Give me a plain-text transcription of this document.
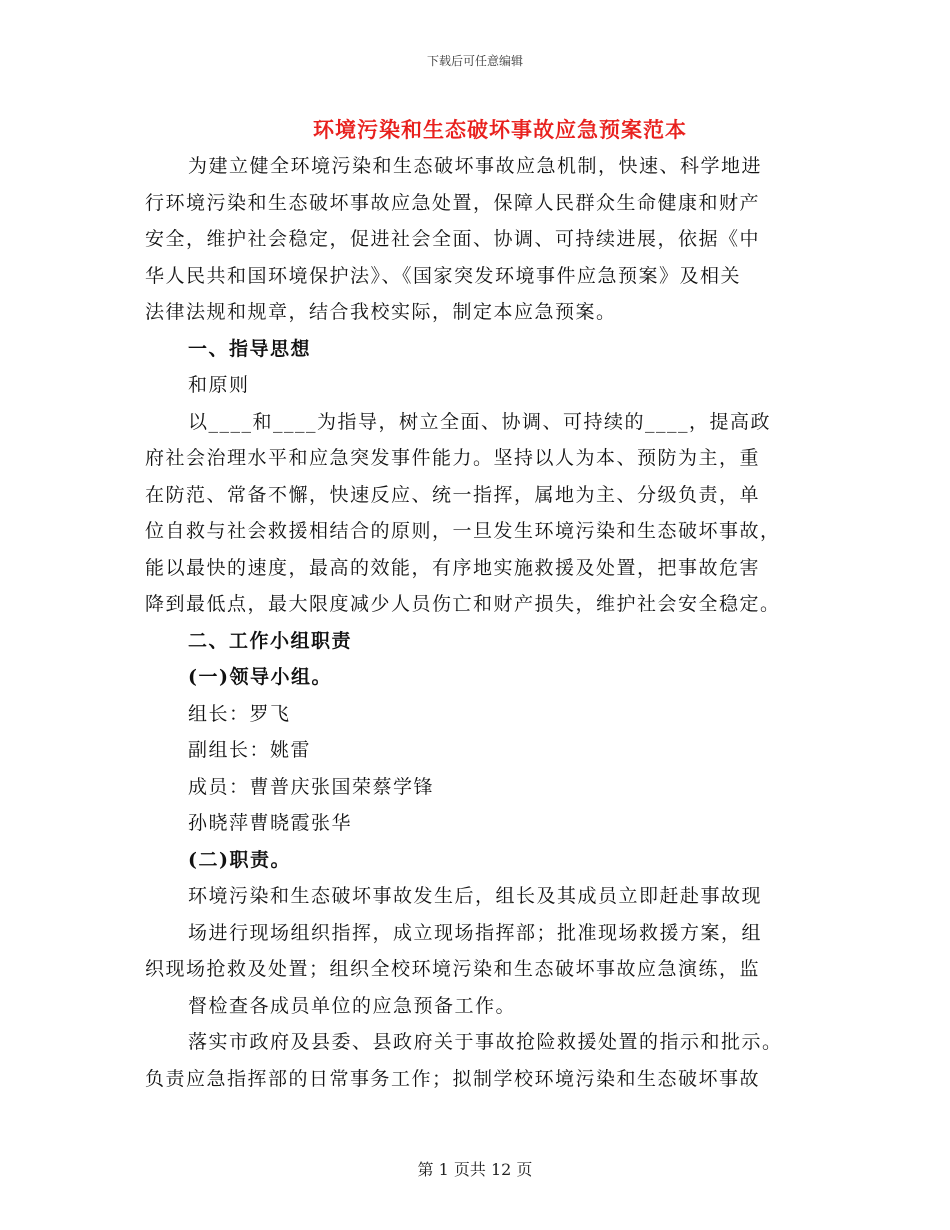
下载后可任意编辑
环境污染和生态破坏事故应急预案范本
为建立健全环境污染和生态破坏事故应急机制，快速、科学地进
行环境污染和生态破坏事故应急处置，保障人民群众生命健康和财产
安全，维护社会稳定，促进社会全面、协调、可持续进展，依据《中
华人民共和国环境保护法》、《国家突发环境事件应急预案》及相关
法律法规和规章，结合我校实际，制定本应急预案。
一、指导思想
和原则
以____和____为指导，树立全面、协调、可持续的____，提高政
府社会治理水平和应急突发事件能力。坚持以人为本、预防为主，重
在防范、常备不懈，快速反应、统一指挥，属地为主、分级负责，单
位自救与社会救援相结合的原则，一旦发生环境污染和生态破坏事故，
能以最快的速度，最高的效能，有序地实施救援及处置，把事故危害
降到最低点，最大限度减少人员伤亡和财产损失，维护社会安全稳定。
二、工作小组职责
(一)领导小组。
组长：罗飞
副组长：姚雷
成员：曹普庆张国荣蔡学锋
孙晓萍曹晓霞张华
(二)职责。
环境污染和生态破坏事故发生后，组长及其成员立即赶赴事故现
场进行现场组织指挥，成立现场指挥部；批准现场救援方案，组
织现场抢救及处置；组织全校环境污染和生态破坏事故应急演练，监
督检查各成员单位的应急预备工作。
落实市政府及县委、县政府关于事故抢险救援处置的指示和批示。
负责应急指挥部的日常事务工作；拟制学校环境污染和生态破坏事故
第 1 页共 12 页
